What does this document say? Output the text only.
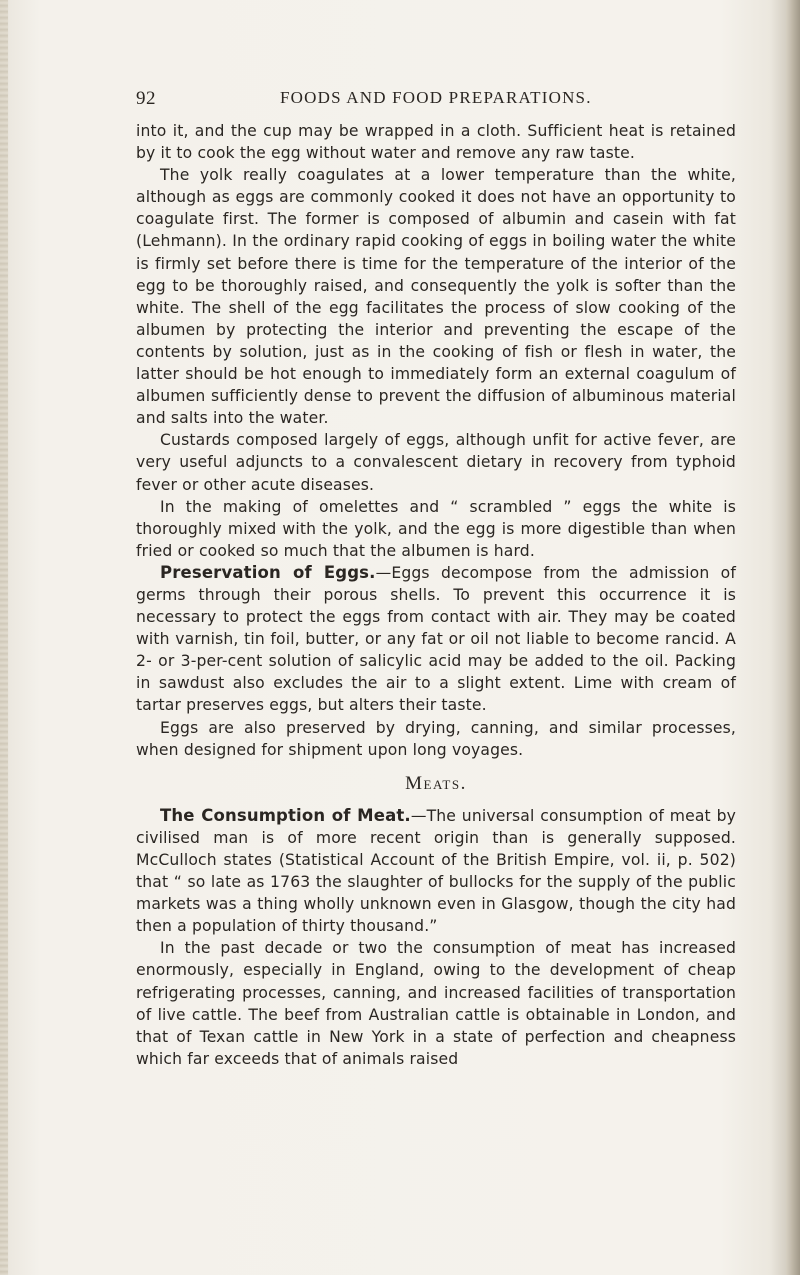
92	FOODS AND FOOD PREPARATIONS.

into it, and the cup may be wrapped in a cloth. Sufficient heat is retained by it to cook the egg without water and remove any raw taste.

The yolk really coagulates at a lower temperature than the white, although as eggs are commonly cooked it does not have an opportunity to coagulate first. The former is composed of albumin and casein with fat (Lehmann). In the ordinary rapid cooking of eggs in boiling water the white is firmly set before there is time for the temperature of the interior of the egg to be thoroughly raised, and consequently the yolk is softer than the white. The shell of the egg facilitates the process of slow cooking of the albumen by protecting the interior and preventing the escape of the contents by solution, just as in the cooking of fish or flesh in water, the latter should be hot enough to immediately form an external coagulum of albumen sufficiently dense to prevent the diffusion of albuminous material and salts into the water.

Custards composed largely of eggs, although unfit for active fever, are very useful adjuncts to a convalescent dietary in recovery from typhoid fever or other acute diseases.

In the making of omelettes and “ scrambled ” eggs the white is thoroughly mixed with the yolk, and the egg is more digestible than when fried or cooked so much that the albumen is hard.

Preservation of Eggs.—Eggs decompose from the admission of germs through their porous shells. To prevent this occurrence it is necessary to protect the eggs from contact with air. They may be coated with varnish, tin foil, butter, or any fat or oil not liable to become rancid. A 2- or 3-per-cent solution of salicylic acid may be added to the oil. Packing in sawdust also excludes the air to a slight extent. Lime with cream of tartar preserves eggs, but alters their taste.

Eggs are also preserved by drying, canning, and similar processes, when designed for shipment upon long voyages.

Meats.

The Consumption of Meat.—The universal consumption of meat by civilised man is of more recent origin than is generally supposed. McCulloch states (Statistical Account of the British Empire, vol. ii, p. 502) that “ so late as 1763 the slaughter of bullocks for the supply of the public markets was a thing wholly unknown even in Glasgow, though the city had then a population of thirty thousand.”

In the past decade or two the consumption of meat has increased enormously, especially in England, owing to the development of cheap refrigerating processes, canning, and increased facilities of transportation of live cattle. The beef from Australian cattle is obtainable in London, and that of Texan cattle in New York in a state of perfection and cheapness which far exceeds that of animals raised
